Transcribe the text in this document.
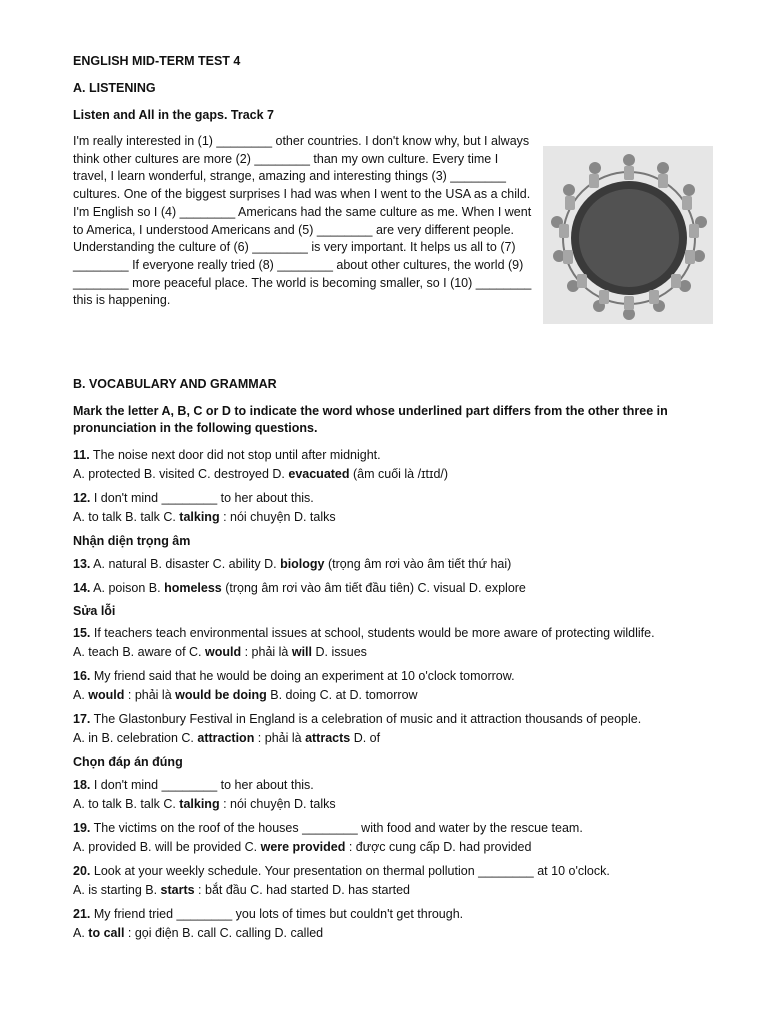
ENGLISH MID-TERM TEST 4

A. LISTENING

Listen and All in the gaps. Track 7

I'm really interested in (1) ________ other countries. I don't know why, but I always think other cultures are more (2) ________ than my own culture. Every time I travel, I learn wonderful, strange, amazing and interesting things (3) ________ cultures. One of the biggest surprises I had was when I went to the USA as a child. I'm English so I (4) ________ Americans had the same culture as me. When I went to America, I understood Americans and (5) ________ are very different people. Understanding the culture of (6) ________ is very important. It helps us all to (7) ________ If everyone really tried (8) ________ about other cultures, the world (9) ________ more peaceful place. The world is becoming smaller, so I (10) ________ this is happening.

B. VOCABULARY AND GRAMMAR

Mark the letter A, B, C or D to indicate the word whose underlined part differs from the other three in pronunciation in the following questions.

11. The noise next door did not stop until after midnight.
A. protected B. visited C. destroyed D. evacuated (âm cuối là /ɪtɪd/)
12. I don't mind ________ to her about this.
A. to talk B. talk C. talking : nói chuyện D. talks

Nhận diện trọng âm

13. A. natural B. disaster C. ability D. biology (trọng âm rơi vào âm tiết thứ hai)
14. A. poison B. homeless (trọng âm rơi vào âm tiết đầu tiên) C. visual D. explore

Sửa lỗi

15. If teachers teach environmental issues at school, students would be more aware of protecting wildlife.
A. teach B. aware of C. would : phải là will D. issues
16. My friend said that he would be doing an experiment at 10 o'clock tomorrow.
A. would : phải là would be doing B. doing C. at D. tomorrow
17. The Glastonbury Festival in England is a celebration of music and it attraction thousands of people.
A. in B. celebration C. attraction : phải là attracts D. of

Chọn đáp án đúng

18. I don't mind ________ to her about this.
A. to talk B. talk C. talking : nói chuyện D. talks
19. The victims on the roof of the houses ________ with food and water by the rescue team.
A. provided B. will be provided C. were provided : được cung cấp D. had provided
20. Look at your weekly schedule. Your presentation on thermal pollution ________ at 10 o'clock.
A. is starting B. starts : bắt đầu C. had started D. has started
21. My friend tried ________ you lots of times but couldn't get through.
A. to call : gọi điện B. call C. calling D. called
